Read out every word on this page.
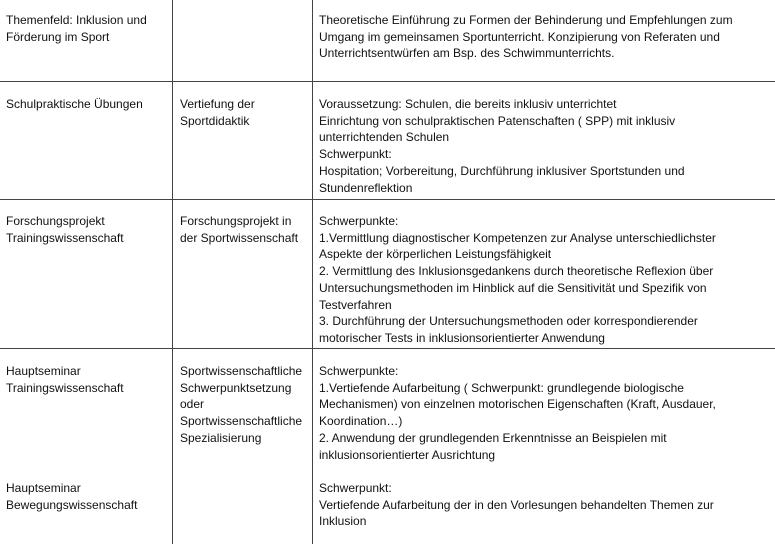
Themenfeld: Inklusion und
Förderung im Sport
Theoretische Einführung zu Formen der Behinderung und Empfehlungen zum
Umgang im gemeinsamen Sportunterricht. Konzipierung von Referaten und
Unterrichtsentwürfen am Bsp. des Schwimmunterrichts.
Schulpraktische Übungen	Vertiefung der
Sportdidaktik
Voraussetzung: Schulen, die bereits inklusiv unterrichtet
Einrichtung von schulpraktischen Patenschaften ( SPP) mit inklusiv
unterrichtenden Schulen
Schwerpunkt:
Hospitation; Vorbereitung, Durchführung inklusiver Sportstunden und
Stundenreflektion
Forschungsprojekt
Trainingswissenschaft
Forschungsprojekt in
der Sportwissenschaft
Schwerpunkte:
1.Vermittlung diagnostischer Kompetenzen zur Analyse unterschiedlichster
Aspekte der körperlichen Leistungsfähigkeit
2. Vermittlung des Inklusionsgedankens durch theoretische Reflexion über
Untersuchungsmethoden im Hinblick auf die Sensitivität und Spezifik von
Testverfahren
3. Durchführung der Untersuchungsmethoden oder korrespondierender
motorischer Tests in inklusionsorientierter Anwendung
Hauptseminar
Trainingswissenschaft
Sportwissenschaftliche
Schwerpunktsetzung
oder
Sportwissenschaftliche
Spezialisierung
Schwerpunkte:
1.Vertiefende Aufarbeitung ( Schwerpunkt: grundlegende biologische
Mechanismen) von einzelnen motorischen Eigenschaften (Kraft, Ausdauer,
Koordination…)
2. Anwendung der grundlegenden Erkenntnisse an Beispielen mit
inklusionsorientierter Ausrichtung
Hauptseminar
Bewegungswissenschaft
Schwerpunkt:
Vertiefende Aufarbeitung der in den Vorlesungen behandelten Themen zur
Inklusion
